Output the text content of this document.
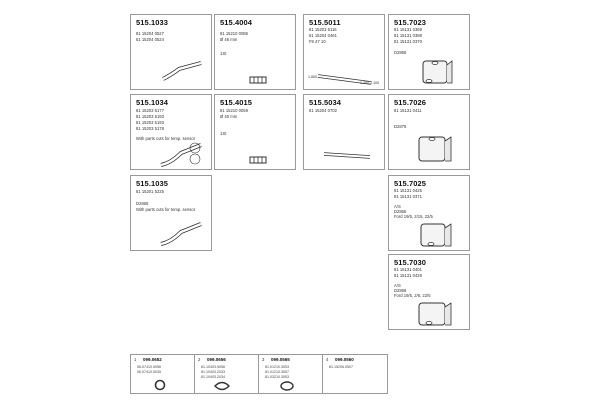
515.1033
81 15204 0527
81 15204 0524
515.4004
81 15210 0086
Ø 46 mm
1St
515.5011
81 15203 5116
81 15204 0461
F8 47 10
1.800
1.300-2.100
515.7023
81 15131 0369
81 15131 0388
81 15131 0370
D2866
515.1034
81 15203 5177
81 15203 5193
81 15203 5193
81 15203 5178
With parts cuts for temp. sensor
515.4015
81 15210 0059
Ø 40 mm
1St
515.5034
81 15204 0702
515.7026
81 15131 0411
D2876
515.1035
81 15201 5225
D2865
With parts cuts for temp. sensor
515.7025
81 15131 0425
81 15131 0371
A/S
D2866
Ford 19/5, 2/15, 22/5
515.7030
81 15131 0401
81 15131 0426
A/S
D2866
Ford 19/5, 2/6, 22/5
1 099.0652
06.07410.5056
06.07410.5035
2 099.0656
81.10403.5056
81.10403.2033
81.10403.2034
3 099.0565
81.01210.3053
81.01210.3057
81.03210.3053
4 099.0560
81.15206.0507
